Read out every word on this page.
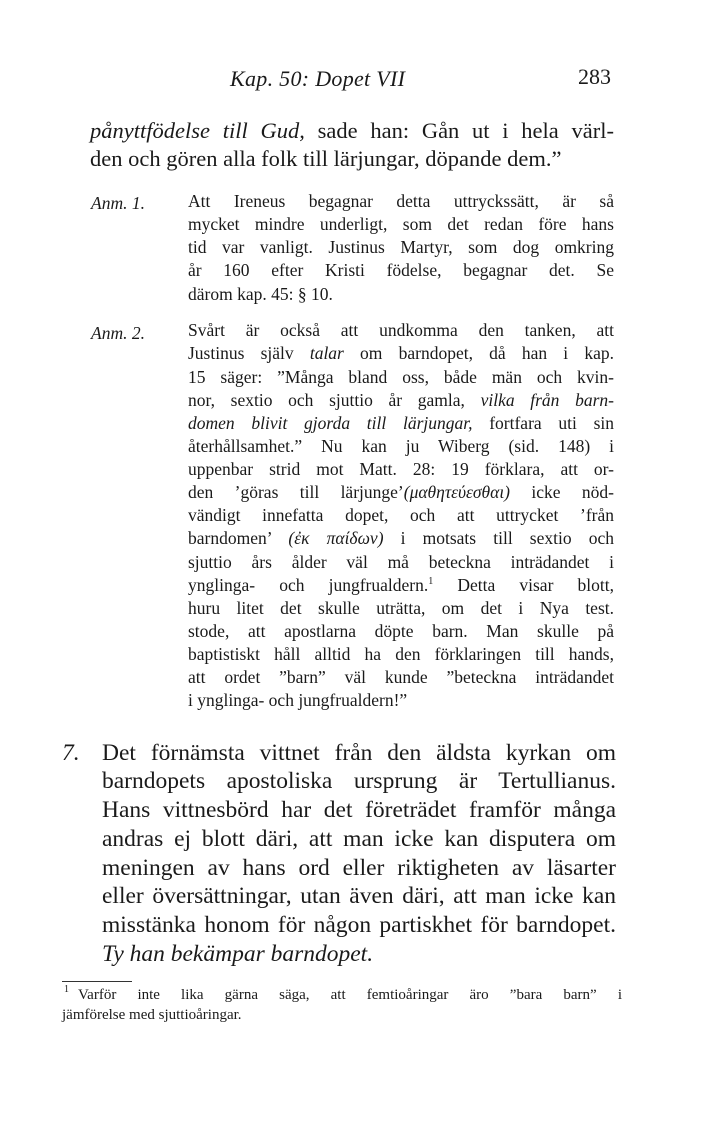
Kap. 50: Dopet VII	283
pånyttfödelse till Gud, sade han: Gån ut i hela värl-
den och gören alla folk till lärjungar, döpande dem.”
Anm. 1. Att Ireneus begagnar detta uttryckssätt, är så
mycket mindre underligt, som det redan före hans
tid var vanligt. Justinus Martyr, som dog omkring
år 160 efter Kristi födelse, begagnar det. Se
därom kap. 45: § 10.
Anm. 2. Svårt är också att undkomma den tanken, att
Justinus själv talar om barndopet, då han i kap.
15 säger: ”Många bland oss, både män och kvin-
nor, sextio och sjuttio år gamla, vilka från barn-
domen blivit gjorda till lärjungar, fortfara uti sin
återhållsamhet.” Nu kan ju Wiberg (sid. 148) i
uppenbar strid mot Matt. 28: 19 förklara, att or-
den ’göras till lärjunge’(μαθητεύεσθαι) icke nöd-
vändigt innefatta dopet, och att uttrycket ’från
barndomen’ (ἐκ παίδων) i motsats till sextio och
sjuttio års ålder väl må beteckna inträdandet i
ynglinga- och jungfrualdern.$^1$ Detta visar blott,
huru litet det skulle uträtta, om det i Nya test.
stode, att apostlarna döpte barn. Man skulle på
baptistiskt håll alltid ha den förklaringen till hands,
att ordet ”barn” väl kunde ”beteckna inträdandet
i ynglinga- och jungfrualdern!”
7. Det förnämsta vittnet från den äldsta kyrkan om
barndopets apostoliska ursprung är Tertullianus.
Hans vittnesbörd har det företrädet framför många
andras ej blott däri, att man icke kan disputera om
meningen av hans ord eller riktigheten av läsarter
eller översättningar, utan även däri, att man icke kan
misstänka honom för någon partiskhet för barndopet.
Ty han bekämpar barndopet.
$^1$ Varför inte lika gärna säga, att femtioåringar äro ”bara barn” i
jämförelse med sjuttioåringar.
